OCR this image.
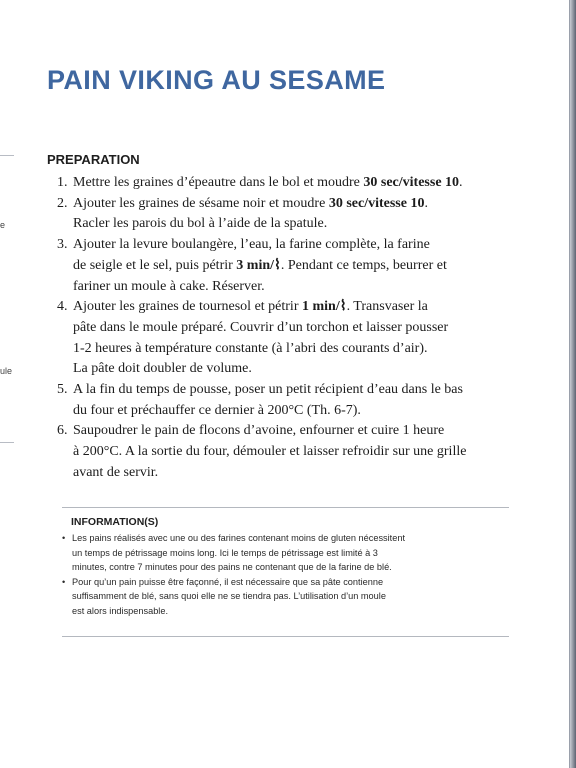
e
ule
PAIN VIKING AU SESAME
PREPARATION
1. Mettre les graines d’épeautre dans le bol et moudre 30 sec/vitesse 10.
2. Ajouter les graines de sésame noir et moudre 30 sec/vitesse 10.
Racler les parois du bol à l’aide de la spatule.
3. Ajouter la levure boulangère, l’eau, la farine complète, la farine
de seigle et le sel, puis pétrir 3 min/⌇. Pendant ce temps, beurrer et
fariner un moule à cake. Réserver.
4. Ajouter les graines de tournesol et pétrir 1 min/⌇. Transvaser la
pâte dans le moule préparé. Couvrir d’un torchon et laisser pousser
1-2 heures à température constante (à l’abri des courants d’air).
La pâte doit doubler de volume.
5. A la fin du temps de pousse, poser un petit récipient d’eau dans le bas
du four et préchauffer ce dernier à 200°C (Th. 6-7).
6. Saupoudrer le pain de flocons d’avoine, enfourner et cuire 1 heure
à 200°C. A la sortie du four, démouler et laisser refroidir sur une grille
avant de servir.
INFORMATION(S)
• Les pains réalisés avec une ou des farines contenant moins de gluten nécessitent
un temps de pétrissage moins long. Ici le temps de pétrissage est limité à 3
minutes, contre 7 minutes pour des pains ne contenant que de la farine de blé.
• Pour qu’un pain puisse être façonné, il est nécessaire que sa pâte contienne
suffisamment de blé, sans quoi elle ne se tiendra pas. L’utilisation d’un moule
est alors indispensable.
